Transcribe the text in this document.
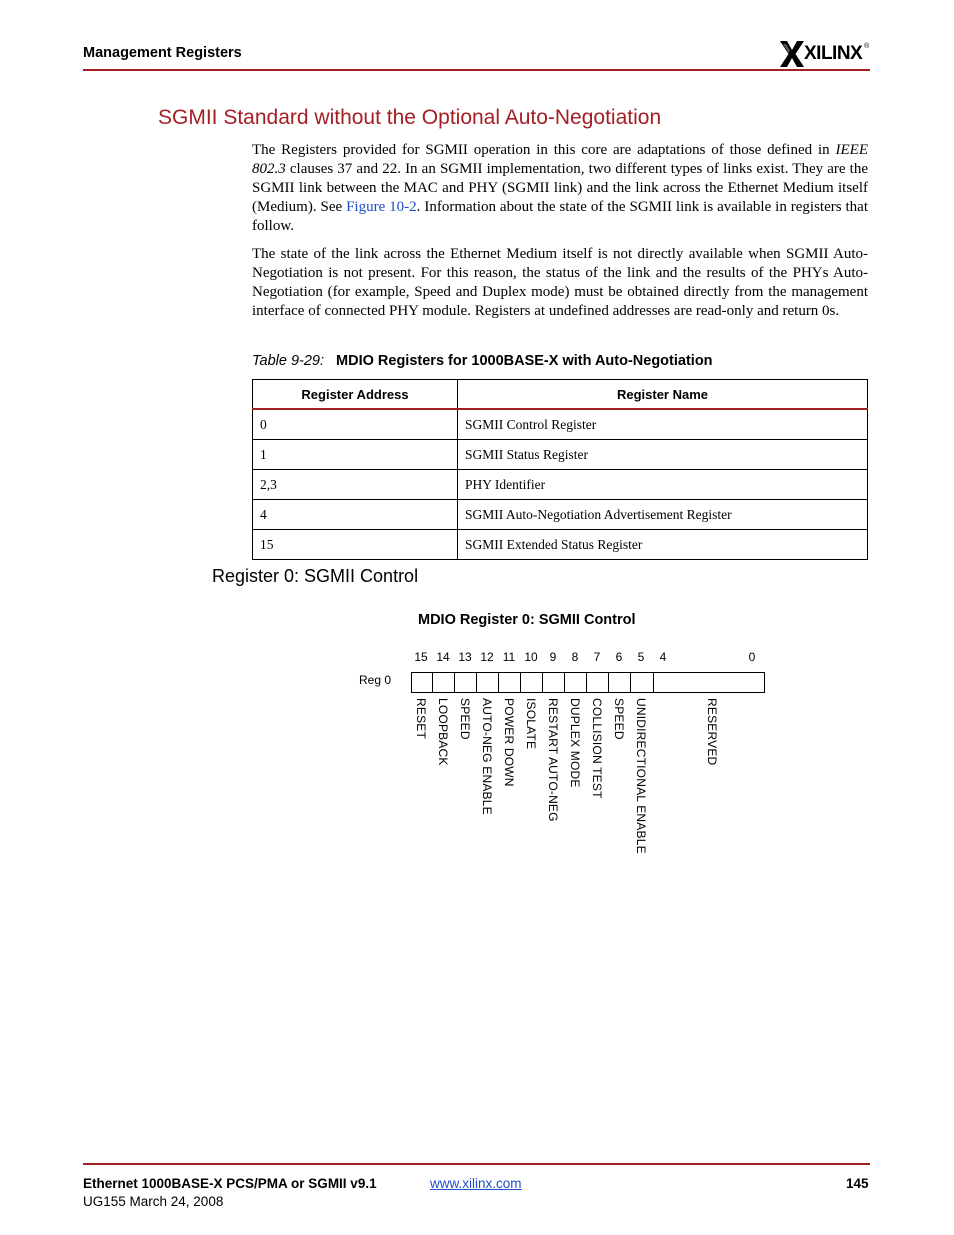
Management Registers	XILINX ®
SGMII Standard without the Optional Auto-Negotiation
The Registers provided for SGMII operation in this core are adaptations of those defined in IEEE 802.3 clauses 37 and 22. In an SGMII implementation, two different types of links exist. They are the SGMII link between the MAC and PHY (SGMII link) and the link across the Ethernet Medium itself (Medium). See Figure 10-2. Information about the state of the SGMII link is available in registers that follow.
The state of the link across the Ethernet Medium itself is not directly available when SGMII Auto-Negotiation is not present. For this reason, the status of the link and the results of the PHYs Auto-Negotiation (for example, Speed and Duplex mode) must be obtained directly from the management interface of connected PHY module. Registers at undefined addresses are read-only and return 0s.
Table 9-29: MDIO Registers for 1000BASE-X with Auto-Negotiation
Register Address	Register Name
0	SGMII Control Register
1	SGMII Status Register
2,3	PHY Identifier
4	SGMII Auto-Negotiation Advertisement Register
15	SGMII Extended Status Register
Register 0: SGMII Control
MDIO Register 0: SGMII Control
15 14 13 12 11 10 9 8 7 6 5 4	0
Reg 0
RESET LOOPBACK SPEED AUTO-NEG ENABLE POWER DOWN ISOLATE RESTART AUTO-NEG DUPLEX MODE COLLISION TEST SPEED UNIDIRECTIONAL ENABLE	RESERVED
Ethernet 1000BASE-X PCS/PMA or SGMII v9.1
UG155 March 24, 2008
www.xilinx.com	145
